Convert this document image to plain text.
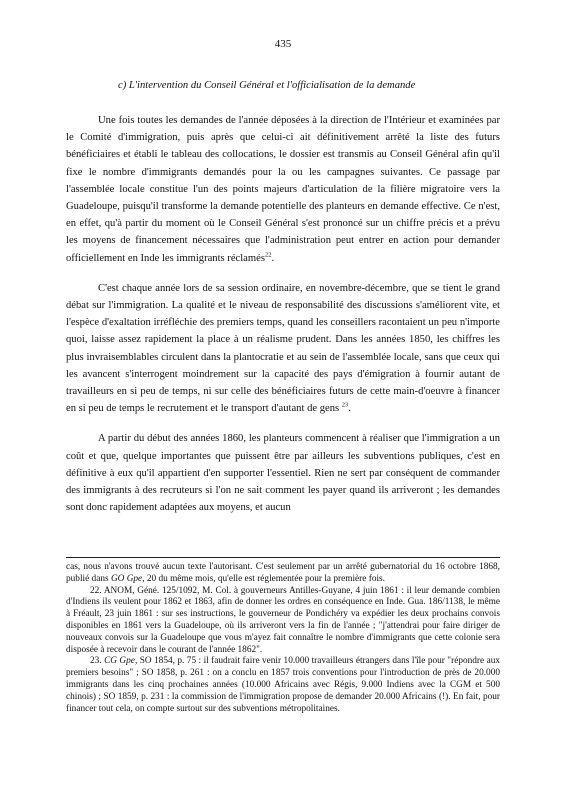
435
c) L'intervention du Conseil Général et l'officialisation de la demande

Une fois toutes les demandes de l'année déposées à la direction de l'Intérieur et examinées par le Comité d'immigration, puis après que celui-ci ait définitivement arrêté la liste des futurs bénéficiaires et établi le tableau des collocations, le dossier est transmis au Conseil Général afin qu'il fixe le nombre d'immigrants demandés pour la ou les campagnes suivantes. Ce passage par l'assemblée locale constitue l'un des points majeurs d'articulation de la filière migratoire vers la Guadeloupe, puisqu'il transforme la demande potentielle des planteurs en demande effective. Ce n'est, en effet, qu'à partir du moment où le Conseil Général s'est prononcé sur un chiffre précis et a prévu les moyens de financement nécessaires que l'administration peut entrer en action pour demander officiellement en Inde les immigrants réclamés$^{22}$.

C'est chaque année lors de sa session ordinaire, en novembre-décembre, que se tient le grand débat sur l'immigration. La qualité et le niveau de responsabilité des discussions s'améliorent vite, et l'espèce d'exaltation irréfléchie des premiers temps, quand les conseillers racontaient un peu n'importe quoi, laisse assez rapidement la place à un réalisme prudent. Dans les années 1850, les chiffres les plus invraisemblables circulent dans la plantocratie et au sein de l'assemblée locale, sans que ceux qui les avancent s'interrogent moindrement sur la capacité des pays d'émigration à fournir autant de travailleurs en si peu de temps, ni sur celle des bénéficiaires futurs de cette main-d'oeuvre à financer en si peu de temps le recrutement et le transport d'autant de gens $^{23}$.

A partir du début des années 1860, les planteurs commencent à réaliser que l'immigration a un coût et que, quelque importantes que puissent être par ailleurs les subventions publiques, c'est en définitive à eux qu'il appartient d'en supporter l'essentiel. Rien ne sert par conséquent de commander des immigrants à des recruteurs si l'on ne sait comment les payer quand ils arriveront ; les demandes sont donc rapidement adaptées aux moyens, et aucun

cas, nous n'avons trouvé aucun texte l'autorisant. C'est seulement par un arrêté gubernatorial du 16 octobre 1868, publié dans GO Gpe, 20 du même mois, qu'elle est réglementée pour la première fois.

22. ANOM, Géné. 125/1092, M. Col. à gouverneurs Antilles-Guyane, 4 juin 1861 : il leur demande combien d'Indiens ils veulent pour 1862 et 1863, afin de donner les ordres en conséquence en Inde. Gua. 186/1138, le même à Fréault, 23 juin 1861 : sur ses instructions, le gouverneur de Pondichéry va expédier les deux prochains convois disponibles en 1861 vers la Guadeloupe, où ils arriveront vers la fin de l'année ; "j'attendrai pour faire diriger de nouveaux convois sur la Guadeloupe que vous m'ayez fait connaître le nombre d'immigrants que cette colonie sera disposée à recevoir dans le courant de l'année 1862".

23. CG Gpe, SO 1854, p. 75 : il faudrait faire venir 10.000 travailleurs étrangers dans l'île pour "répondre aux premiers besoins" ; SO 1858, p. 261 : on a conclu en 1857 trois conventions pour l'introduction de près de 20.000 immigrants dans les cinq prochaines années (10.000 Africains avec Régis, 9.000 Indiens avec la CGM et 500 chinois) ; SO 1859, p. 231 : la commission de l'immigration propose de demander 20.000 Africains (!). En fait, pour financer tout cela, on compte surtout sur des subventions métropolitaines.
